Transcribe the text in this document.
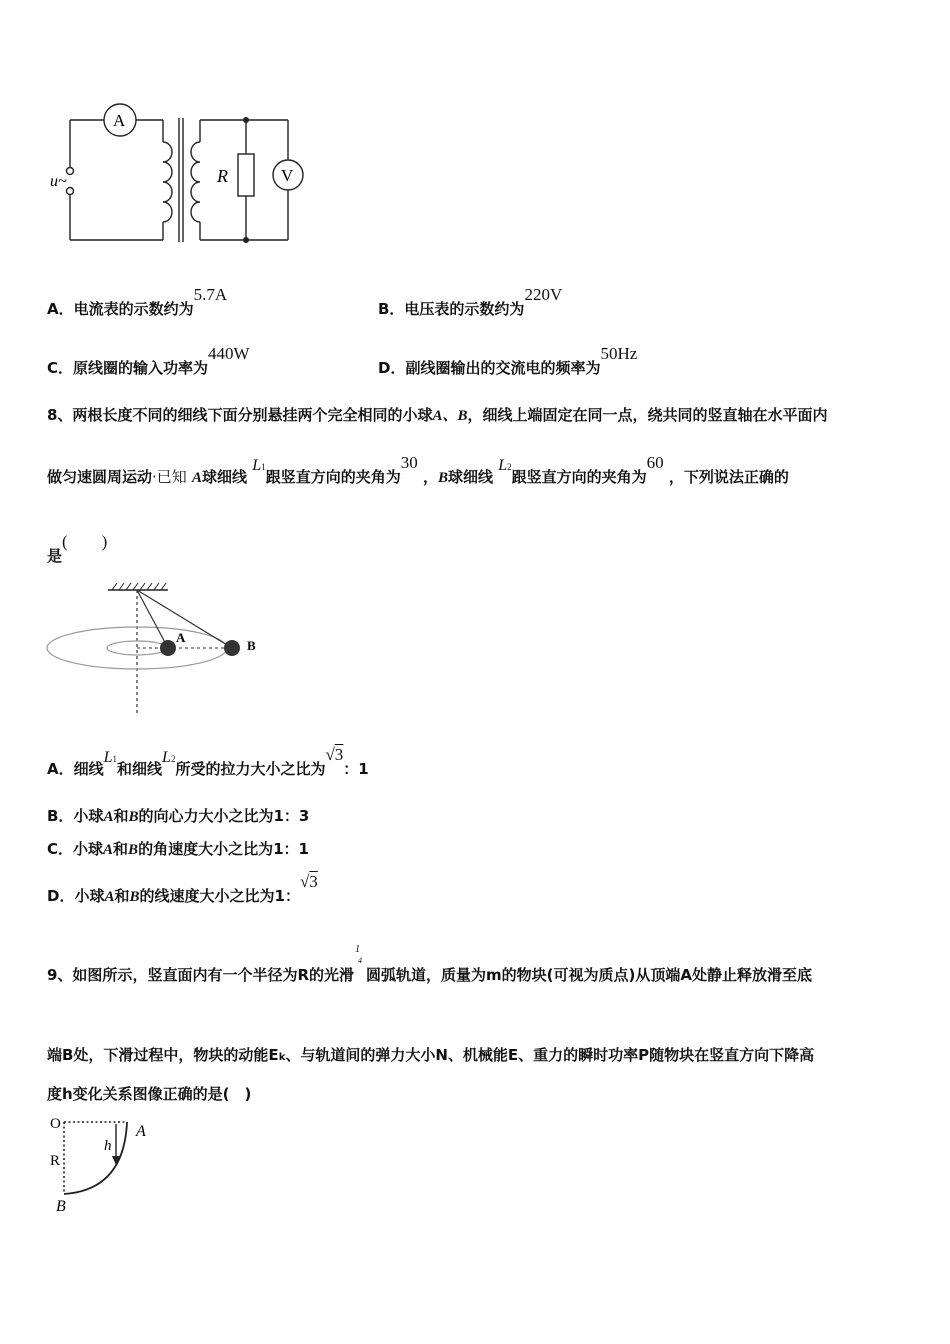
A
V
R
u~
A．电流表的示数约为5.7A
B．电压表的示数约为220V
C．原线圈的输入功率为440W
D．副线圈输出的交流电的频率为50Hz
8、两根长度不同的细线下面分别悬挂两个完全相同的小球A、B，细线上端固定在同一点，绕共同的竖直轴在水平面内
做匀速圆周运动·已知 A球细线 L1跟竖直方向的夹角为30 ，B球细线 L2跟竖直方向的夹角为60 ，下列说法正确的
是(　　)
A
B
A．细线L1和细线L2所受的拉力大小之比为√3：1
B．小球A和B的向心力大小之比为1：3
C．小球A和B的角速度大小之比为1：1
D．小球A和B的线速度大小之比为1：√3
9、如图所示，竖直面内有一个半径为R的光滑
1
4
圆弧轨道，质量为m的物块(可视为质点)从顶端A处静止释放滑至底
端B处，下滑过程中，物块的动能Ek、与轨道间的弹力大小N、机械能E、重力的瞬时功率P随物块在竖直方向下降高
度h变化关系图像正确的是(　)
O
R
h
A
B
